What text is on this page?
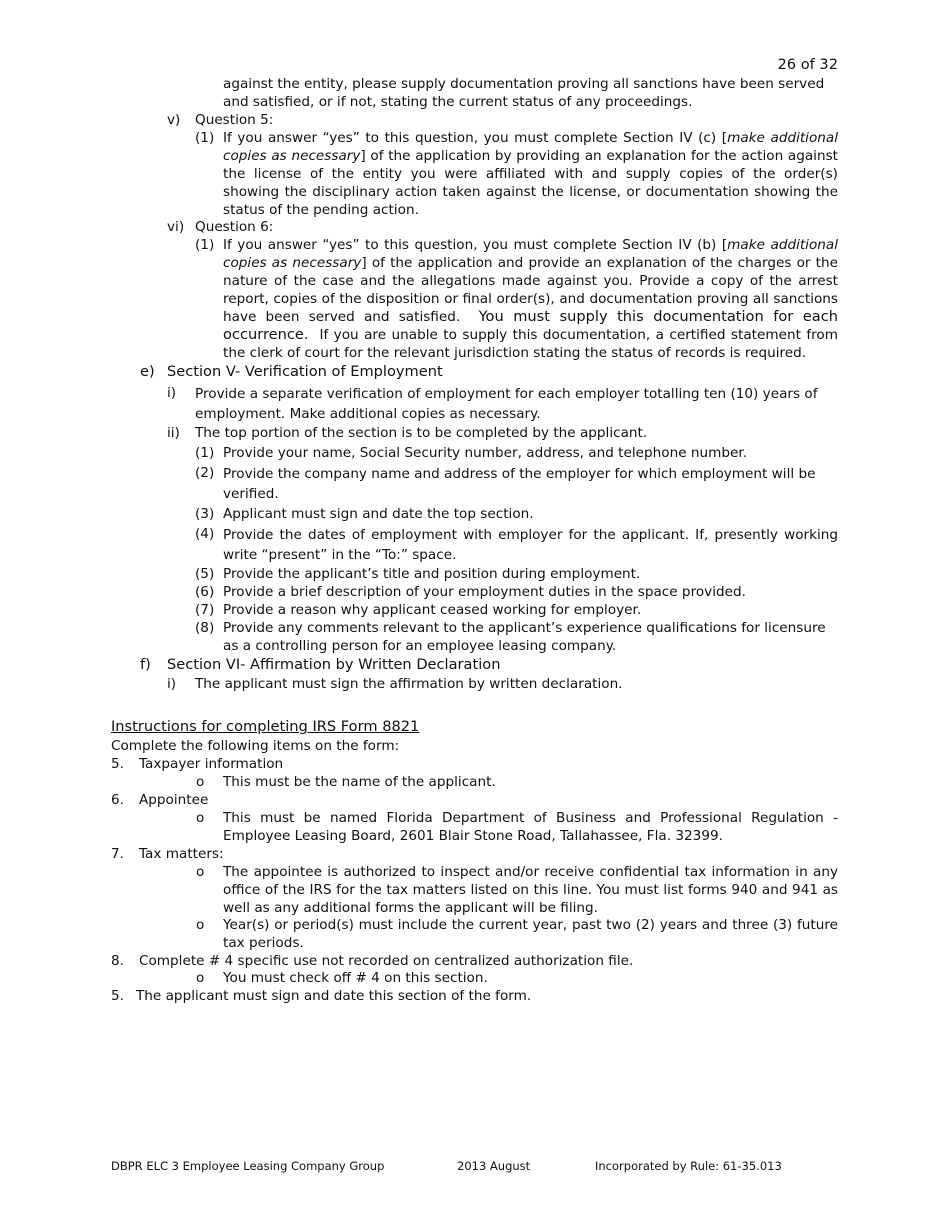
26 of 32
against the entity, please supply documentation proving all sanctions have been served and satisfied, or if not, stating the current status of any proceedings.
v) Question 5:
(1) If you answer “yes” to this question, you must complete Section IV (c) [make additional copies as necessary] of the application by providing an explanation for the action against the license of the entity you were affiliated with and supply copies of the order(s) showing the disciplinary action taken against the license, or documentation showing the status of the pending action.
vi) Question 6:
(1) If you answer “yes” to this question, you must complete Section IV (b) [make additional copies as necessary] of the application and provide an explanation of the charges or the nature of the case and the allegations made against you. Provide a copy of the arrest report, copies of the disposition or final order(s), and documentation proving all sanctions have been served and satisfied. You must supply this documentation for each occurrence. If you are unable to supply this documentation, a certified statement from the clerk of court for the relevant jurisdiction stating the status of records is required.
e) Section V- Verification of Employment
i) Provide a separate verification of employment for each employer totalling ten (10) years of employment. Make additional copies as necessary.
ii) The top portion of the section is to be completed by the applicant.
(1) Provide your name, Social Security number, address, and telephone number.
(2) Provide the company name and address of the employer for which employment will be verified.
(3) Applicant must sign and date the top section.
(4) Provide the dates of employment with employer for the applicant. If, presently working write “present” in the “To:” space.
(5) Provide the applicant’s title and position during employment.
(6) Provide a brief description of your employment duties in the space provided.
(7) Provide a reason why applicant ceased working for employer.
(8) Provide any comments relevant to the applicant’s experience qualifications for licensure as a controlling person for an employee leasing company.
f) Section VI- Affirmation by Written Declaration
i) The applicant must sign the affirmation by written declaration.
Instructions for completing IRS Form 8821
Complete the following items on the form:
5. Taxpayer information
o This must be the name of the applicant.
6. Appointee
o This must be named Florida Department of Business and Professional Regulation - Employee Leasing Board, 2601 Blair Stone Road, Tallahassee, Fla. 32399.
7. Tax matters:
o The appointee is authorized to inspect and/or receive confidential tax information in any office of the IRS for the tax matters listed on this line. You must list forms 940 and 941 as well as any additional forms the applicant will be filing.
o Year(s) or period(s) must include the current year, past two (2) years and three (3) future tax periods.
8. Complete # 4 specific use not recorded on centralized authorization file.
o You must check off # 4 on this section.
5. The applicant must sign and date this section of the form.
DBPR ELC 3 Employee Leasing Company Group	2013 August	Incorporated by Rule: 61-35.013
